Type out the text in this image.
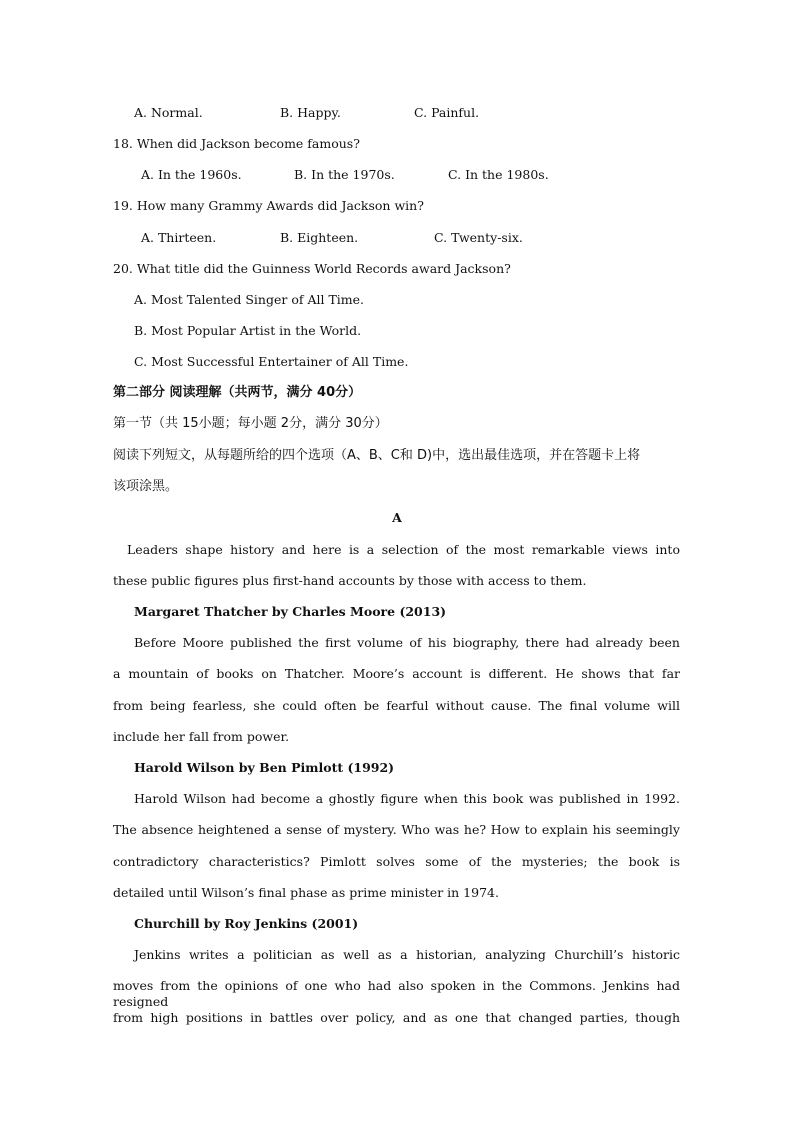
A. Normal.	B. Happy.	C. Painful.
18. When did Jackson become famous?
A. In the 1960s.	B. In the 1970s.	C. In the 1980s.
19. How many Grammy Awards did Jackson win?
A. Thirteen.	B. Eighteen.	C. Twenty-six.
20. What title did the Guinness World Records award Jackson?
A. Most Talented Singer of All Time.
B. Most Popular Artist in the World.
C. Most Successful Entertainer of All Time.
第二部分 阅读理解（共两节，满分 40分）
第一节（共 15小题；每小题 2分，满分 30分）
阅读下列短文，从每题所给的四个选项（A、B、C和 D)中，选出最佳选项，并在答题卡上将
该项涂黑。
A
Leaders shape history and here is a selection of the most remarkable views into
these public figures plus first-hand accounts by those with access to them.
Margaret Thatcher by Charles Moore (2013)
Before Moore published the first volume of his biography, there had already been
a mountain of books on Thatcher. Moore’s account is different. He shows that far
from being fearless, she could often be fearful without cause. The final volume will
include her fall from power.
Harold Wilson by Ben Pimlott (1992)
Harold Wilson had become a ghostly figure when this book was published in 1992.
The absence heightened a sense of mystery. Who was he? How to explain his seemingly
contradictory characteristics? Pimlott solves some of the mysteries; the book is
detailed until Wilson’s final phase as prime minister in 1974.
Churchill by Roy Jenkins (2001)
Jenkins writes a politician as well as a historian, analyzing Churchill’s historic
moves from the opinions of one who had also spoken in the Commons. Jenkins had resigned
from high positions in battles over policy, and as one that changed parties, though
